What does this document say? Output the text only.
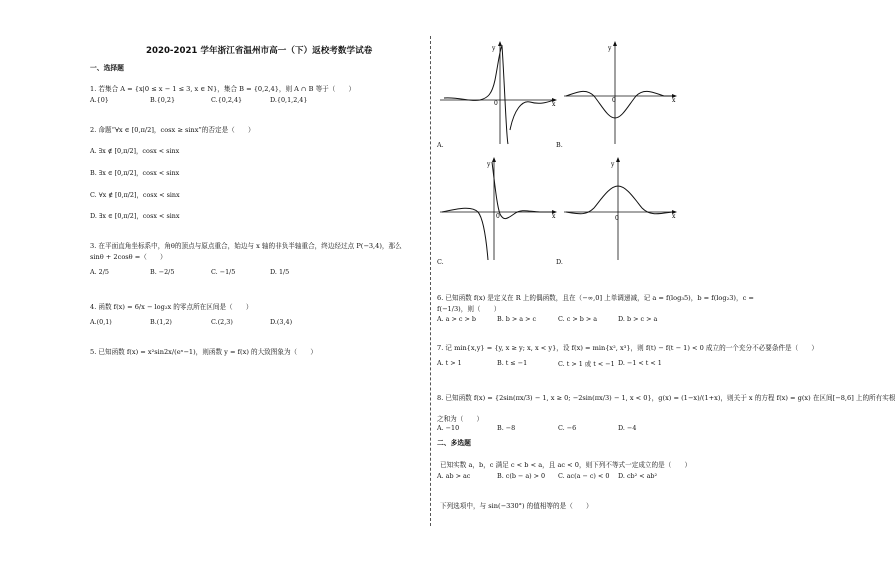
2020-2021 学年浙江省温州市高一（下）返校考数学试卷
一、选择题
1. 若集合 A = {x|0 ≤ x − 1 ≤ 3, x ∈ N}，集合 B = {0,2,4}，则 A ∩ B 等于（　　）
A.{0}	B.{0,2}	C.{0,2,4}	D.{0,1,2,4}
2. 命题“∀x ∈ [0,π/2]，cosx ≥ sinx”的否定是（　　）
A. ∃x ∉ [0,π/2]，cosx < sinx
B. ∃x ∈ [0,π/2]，cosx < sinx
C. ∀x ∉ [0,π/2]，cosx < sinx
D. ∃x ∈ [0,π/2]，cosx < sinx
3. 在平面直角坐标系中，角θ的顶点与原点重合，始边与 x 轴的非负半轴重合，终边经过点 P(−3,4)，那么
sinθ + 2cosθ =（　　）
A. 2/5	B. −2/5	C. −1/5	D. 1/5
4. 函数 f(x) = 6/x − log₂x 的零点所在区间是（　　）
A.(0,1)	B.(1,2)	C.(2,3)	D.(3,4)
5. 已知函数 f(x) = x²sin2x/(eˣ−1)，则函数 y = f(x) 的大致图象为（　　）
y
0	x
A.
y
0	x
B.
y
0	x
C.
y
0	x
D.
6. 已知函数 f(x) 是定义在 R 上的偶函数，且在（−∞,0] 上单调递减，记 a = f(log₃5)，b = f(log₂3)，c =
f(−1/3)，则（　　）
A. a > c > b	B. b > a > c	C. c > b > a	D. b > c > a
7. 记 min{x,y} = {y, x ≥ y; x, x < y}，设 f(x) = min{x², x³}，则 f(t) − f(t − 1) < 0 成立的一个充分不必要条件是（　　）
A. t > 1	B. t ≤ −1	C. t > 1 或 t < −1 D. −1 < t < 1
8. 已知函数 f(x) = {2sin(πx/3) − 1, x ≥ 0; −2sin(πx/3) − 1, x < 0}，g(x) = (1−x)/(1+x)，则关于 x 的方程 f(x) = g(x) 在区间[−8,6] 上的所有实根
之和为（　　）
A. −10	B. −8	C. −6	D. −4
二、多选题
已知实数 a，b，c 满足 c < b < a，且 ac < 0，则下列不等式一定成立的是（　　）
A. ab > ac	B. c(b − a) > 0 C. ac(a − c) < 0 D. cb² < ab²
下列选项中，与 sin(−330°) 的值相等的是（　　）
